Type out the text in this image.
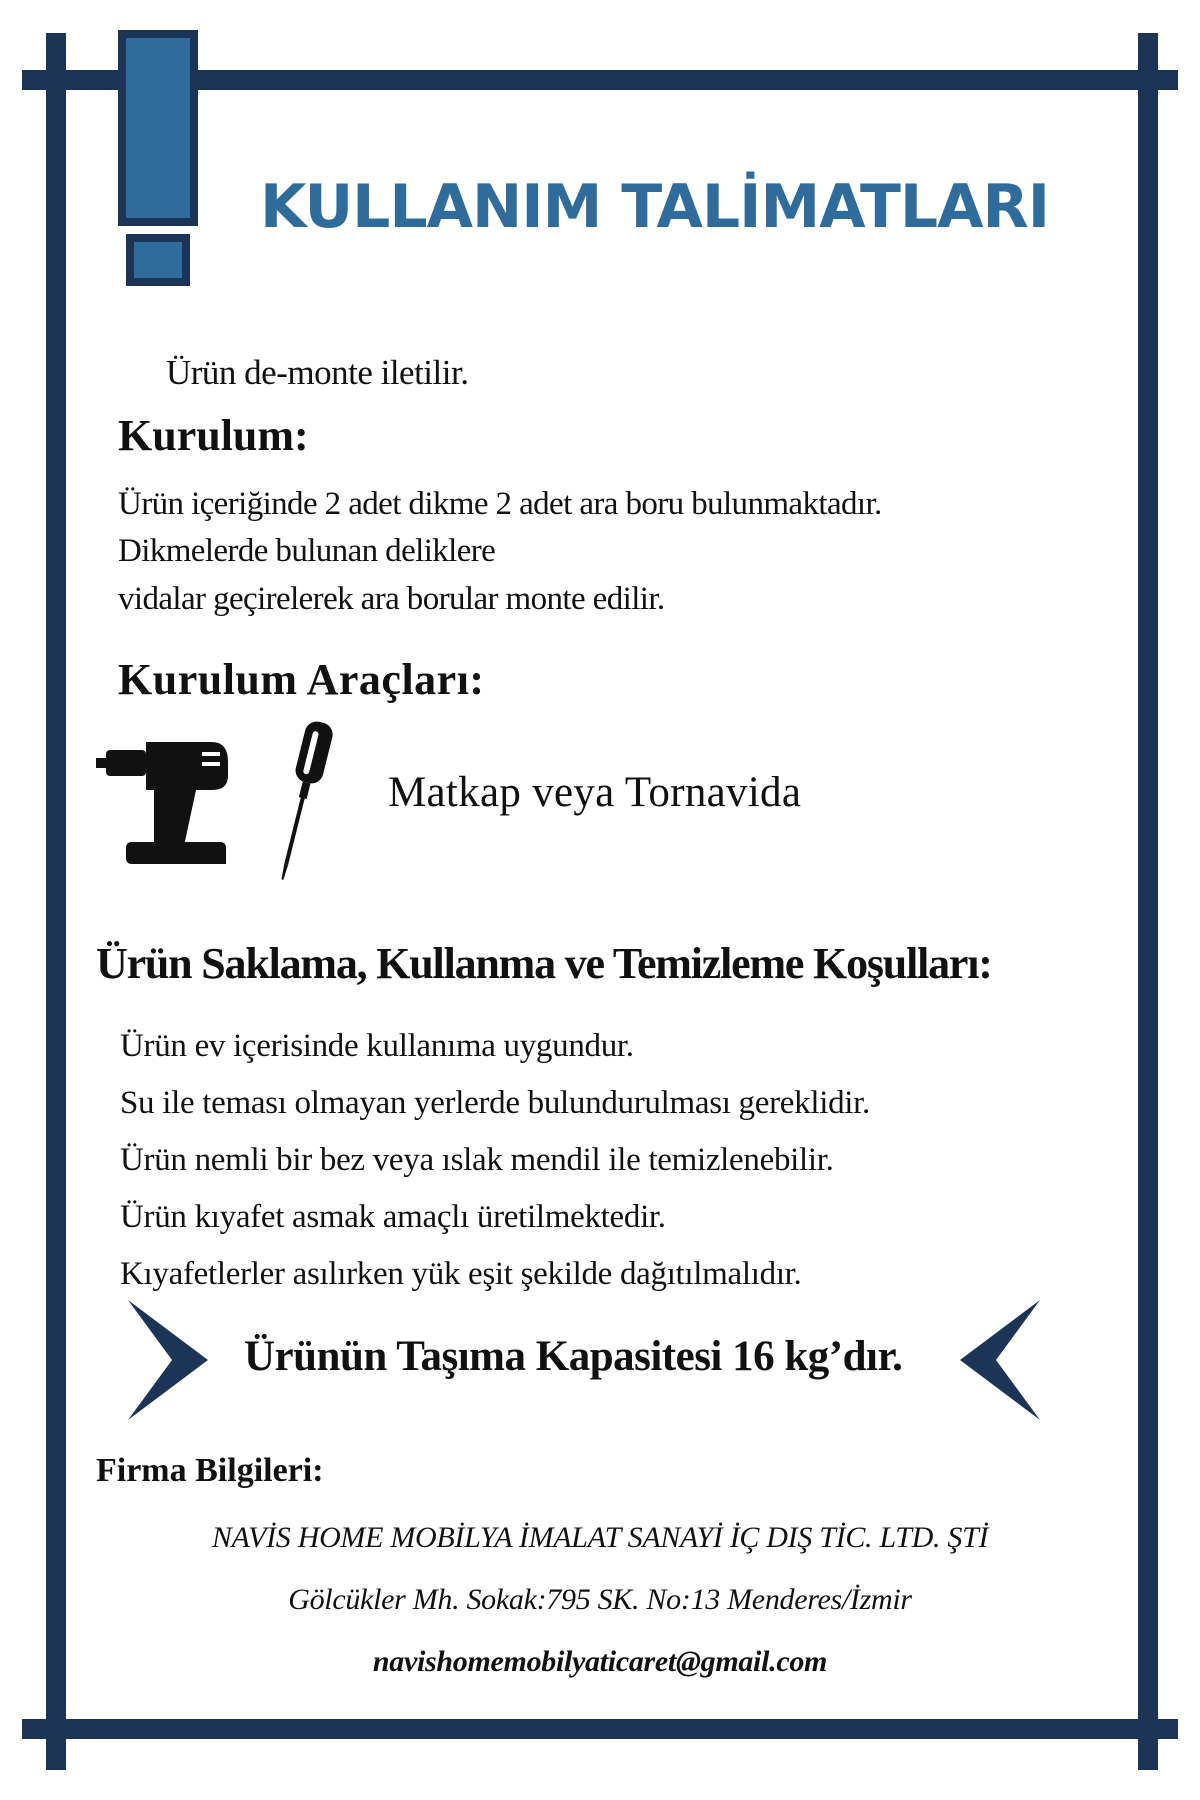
KULLANIM TALİMATLARI
Ürün de-monte iletilir.
Kurulum:
Ürün içeriğinde 2 adet dikme 2 adet ara boru bulunmaktadır.
Dikmelerde bulunan deliklere
vidalar geçirelerek ara borular monte edilir.
Kurulum Araçları:
Matkap veya Tornavida
Ürün Saklama, Kullanma ve Temizleme Koşulları:
Ürün ev içerisinde kullanıma uygundur.
Su ile teması olmayan yerlerde bulundurulması gereklidir.
Ürün nemli bir bez veya ıslak mendil ile temizlenebilir.
Ürün kıyafet asmak amaçlı üretilmektedir.
Kıyafetlerler asılırken yük eşit şekilde dağıtılmalıdır.
Ürünün Taşıma Kapasitesi 16 kg’dır.
Firma Bilgileri:
NAVİS HOME MOBİLYA İMALAT SANAYİ İÇ DIŞ TİC. LTD. ŞTİ
Gölcükler Mh. Sokak:795 SK. No:13 Menderes/İzmir
navishomemobilyaticaret@gmail.com
